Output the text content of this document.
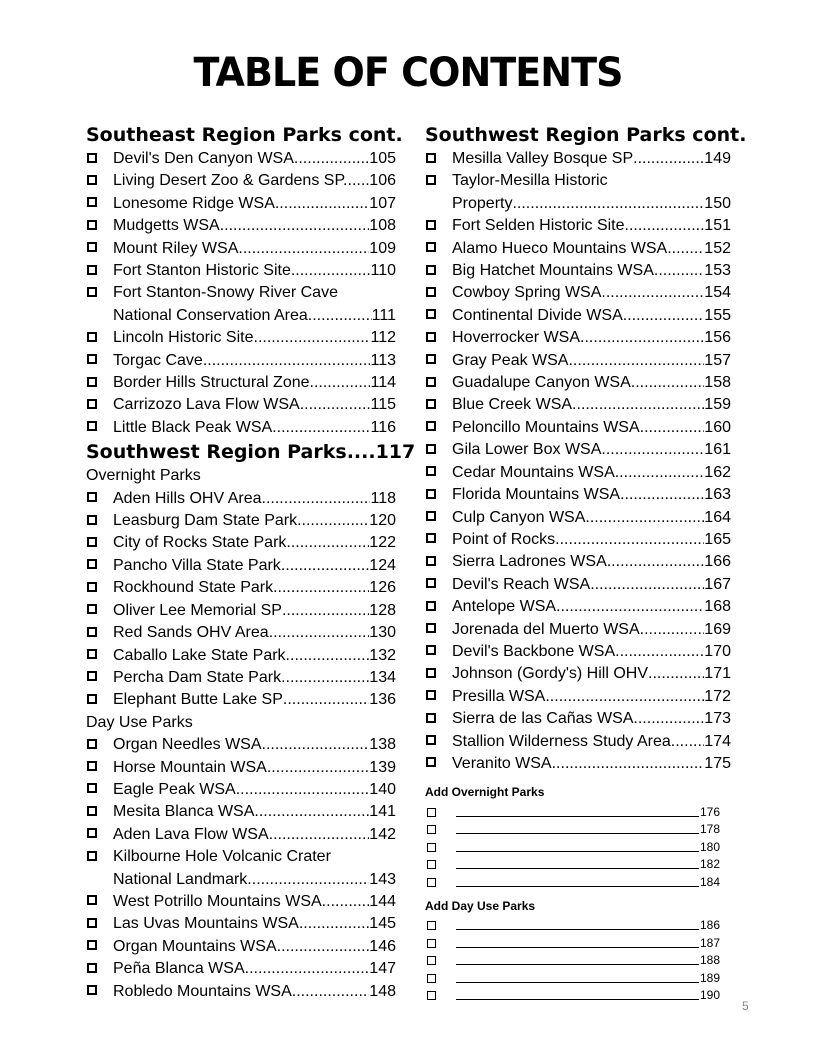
TABLE OF CONTENTS
Southeast Region Parks cont.
Devil's Den Canyon WSA .....	105
Living Desert Zoo & Gardens SP. ..... 106
Lonesome Ridge WSA .....	107
Mudgetts WSA .....	108
Mount Riley WSA .....	109
Fort Stanton Historic Site .....	110
Fort Stanton-Snowy River Cave
National Conservation Area .....	111
Lincoln Historic Site .....	112
Torgac Cave .....	113
Border Hills Structural Zone .....	114
Carrizozo Lava Flow WSA .....	115
Little Black Peak WSA .....	116
Southwest Region Parks....117
Overnight Parks
Aden Hills OHV Area .....	118
Leasburg Dam State Park .....	120
City of Rocks State Park .....	122
Pancho Villa State Park .....	124
Rockhound State Park .....	126
Oliver Lee Memorial SP .....	128
Red Sands OHV Area .....	130
Caballo Lake State Park .....	132
Percha Dam State Park .....	134
Elephant Butte Lake SP .....	136
Day Use Parks
Organ Needles WSA .....	138
Horse Mountain WSA .....	139
Eagle Peak WSA .....	140
Mesita Blanca WSA .....	141
Aden Lava Flow WSA .....	142
Kilbourne Hole Volcanic Crater
National Landmark .....	143
West Potrillo Mountains WSA .....	144
Las Uvas Mountains WSA .....	145
Organ Mountains WSA .....	146
Peña Blanca WSA .....	147
Robledo Mountains WSA .....	148
Southwest Region Parks cont.
Mesilla Valley Bosque SP .....	149
Taylor-Mesilla Historic
Property .....	150
Fort Selden Historic Site .....	151
Alamo Hueco Mountains WSA ..... 152
Big Hatchet Mountains WSA .....	153
Cowboy Spring WSA .....	154
Continental Divide WSA .....	155
Hoverrocker WSA .....	156
Gray Peak WSA .....	157
Guadalupe Canyon WSA .....	158
Blue Creek WSA .....	159
Peloncillo Mountains WSA .....	160
Gila Lower Box WSA .....	161
Cedar Mountains WSA .....	162
Florida Mountains WSA .....	163
Culp Canyon WSA .....	164
Point of Rocks .....	165
Sierra Ladrones WSA .....	166
Devil's Reach WSA .....	167
Antelope WSA .....	168
Jorenada del Muerto WSA .....	169
Devil's Backbone WSA .....	170
Johnson (Gordy's) Hill OHV .....	171
Presilla WSA .....	172
Sierra de las Cañas WSA .....	173
Stallion Wilderness Study Area ..... 174
Veranito WSA .....	175
Add Overnight Parks
176
178
180
182
184
Add Day Use Parks
186
187
188
189
190
5
